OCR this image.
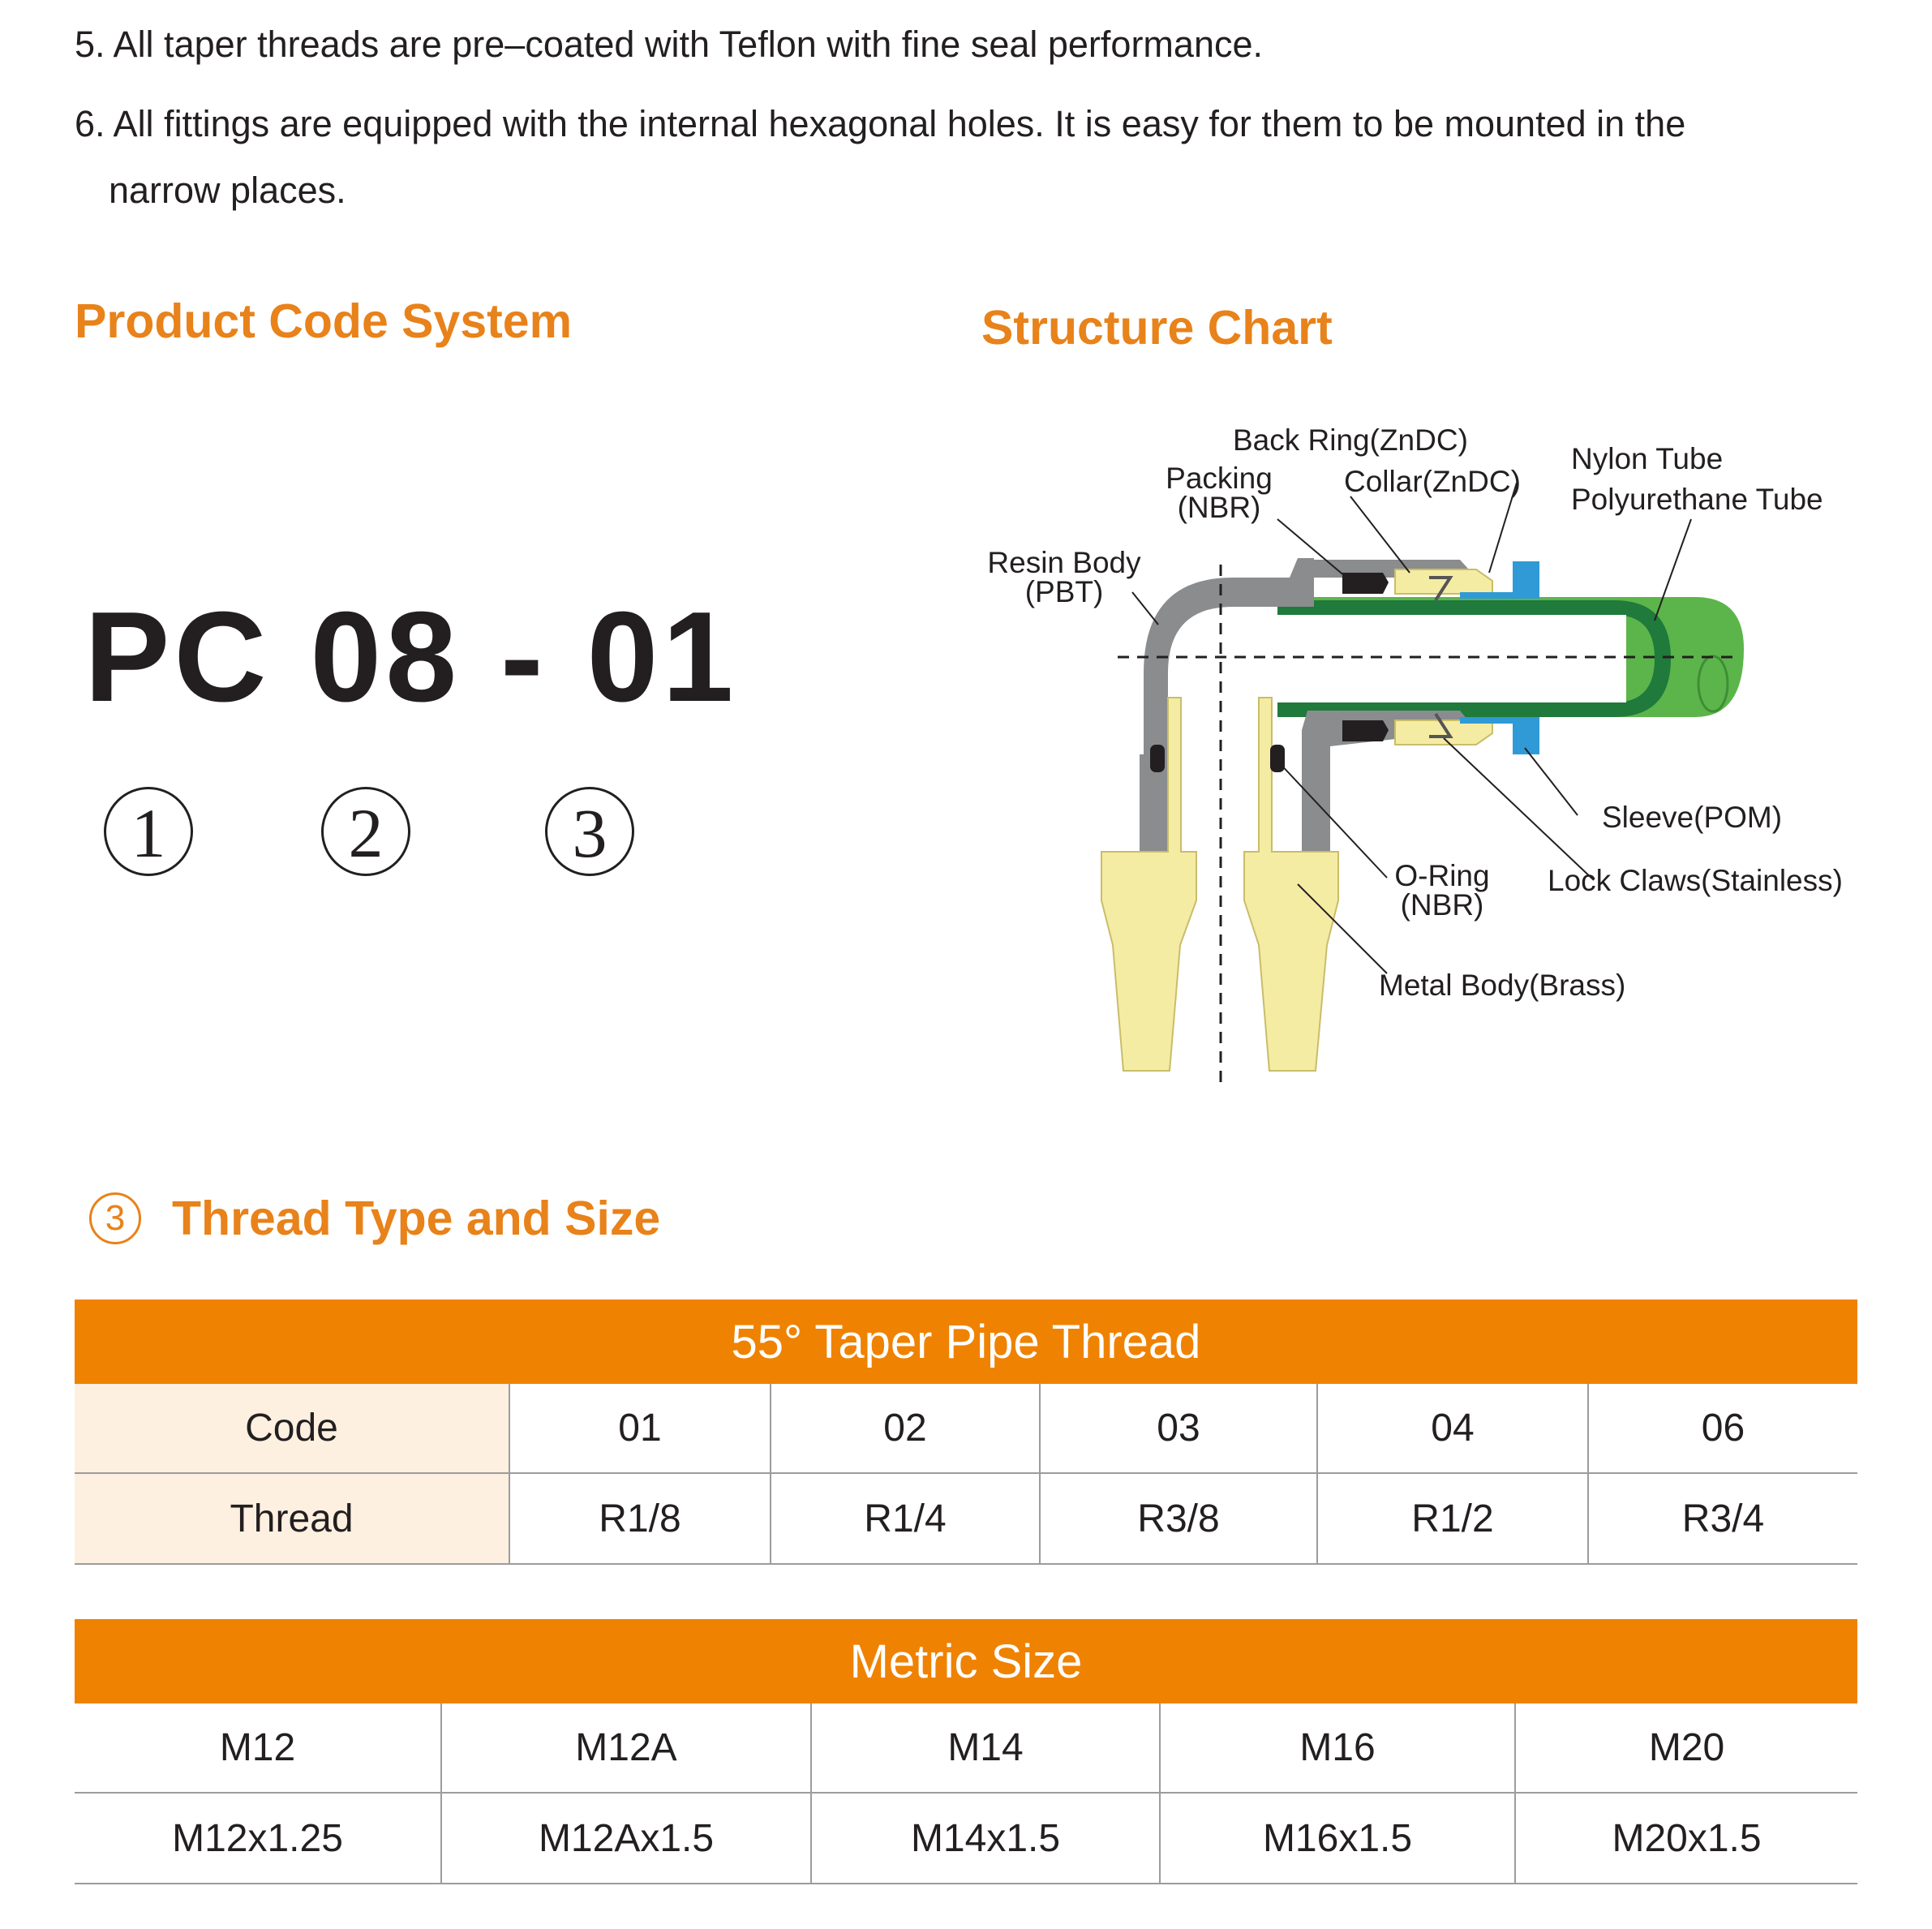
5. All taper threads are pre–coated with Teflon with fine seal performance.
6. All fittings are equipped with the internal hexagonal holes. It is easy for them to be mounted in the
narrow places.
Product Code System
PC 08 - 01
1	2	3
Structure Chart
Back Ring(ZnDC)
Packing
(NBR)
Collar(ZnDC)
Nylon Tube
Polyurethane Tube
Resin Body
(PBT)
Sleeve(POM)
Lock Claws(Stainless)
O-Ring
(NBR)
Metal Body(Brass)
3 Thread Type and Size
55° Taper Pipe Thread					
Code	01	02	03	04	06
Thread	R1/8	R1/4	R3/8	R1/2	R3/4
Metric Size				
M12	M12A	M14	M16	M20
M12x1.25	M12Ax1.5	M14x1.5	M16x1.5	M20x1.5
